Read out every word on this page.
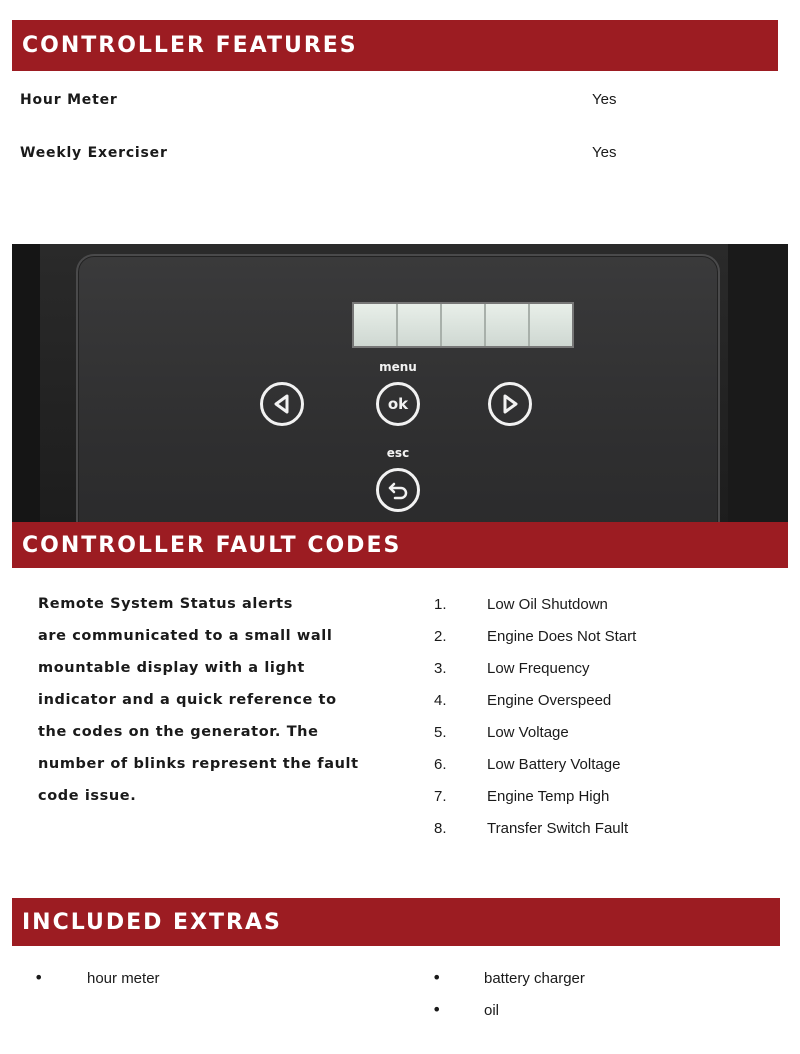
CONTROLLER FEATURES
Hour Meter	Yes
Weekly Exerciser	Yes
menu
ok
esc
CONTROLLER FAULT CODES
Remote System Status alerts
are communicated to a small wall
mountable display with a light
indicator and a quick reference to
the codes on the generator. The
number of blinks represent the fault
code issue.
1.	Low Oil Shutdown
2.	Engine Does Not Start
3.	Low Frequency
4.	Engine Overspeed
5.	Low Voltage
6.	Low Battery Voltage
7.	Engine Temp High
8.	Transfer Switch Fault
INCLUDED EXTRAS
•	hour meter	•	battery charger
•	oil
